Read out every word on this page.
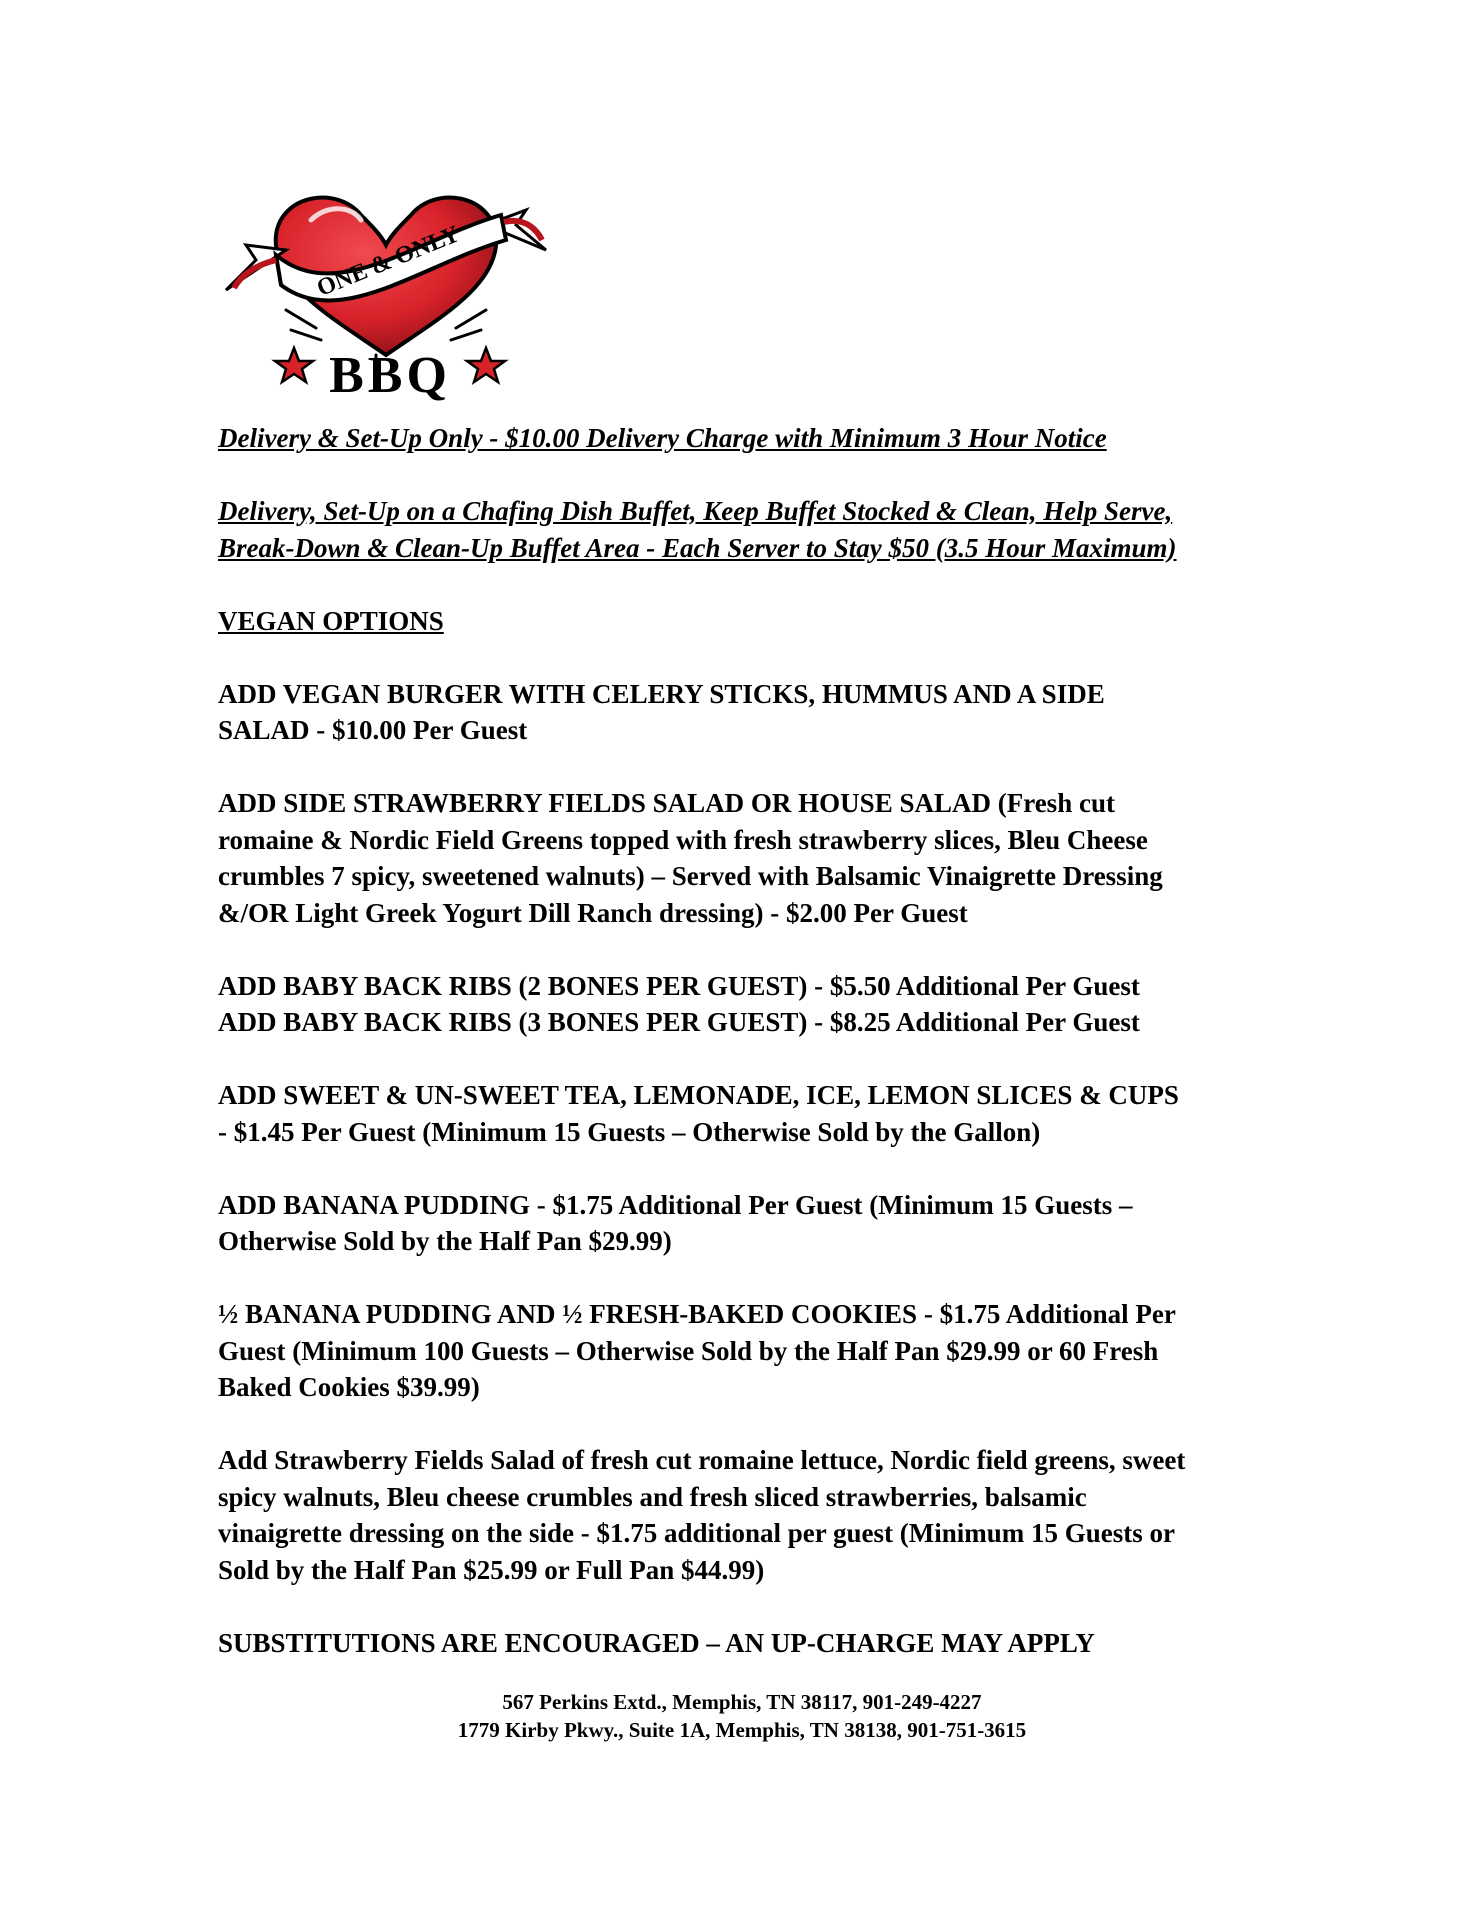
ONE & ONLY
BBQ

Delivery & Set-Up Only - $10.00 Delivery Charge with Minimum 3 Hour Notice

Delivery, Set-Up on a Chafing Dish Buffet, Keep Buffet Stocked & Clean, Help Serve,
Break-Down & Clean-Up Buffet Area - Each Server to Stay $50 (3.5 Hour Maximum)

VEGAN OPTIONS

ADD VEGAN BURGER WITH CELERY STICKS, HUMMUS AND A SIDE
SALAD - $10.00 Per Guest

ADD SIDE STRAWBERRY FIELDS SALAD OR HOUSE SALAD (Fresh cut
romaine & Nordic Field Greens topped with fresh strawberry slices, Bleu Cheese
crumbles 7 spicy, sweetened walnuts) – Served with Balsamic Vinaigrette Dressing
&/OR Light Greek Yogurt Dill Ranch dressing) - $2.00 Per Guest

ADD BABY BACK RIBS (2 BONES PER GUEST) - $5.50 Additional Per Guest
ADD BABY BACK RIBS (3 BONES PER GUEST) - $8.25 Additional Per Guest

ADD SWEET & UN-SWEET TEA, LEMONADE, ICE, LEMON SLICES & CUPS
- $1.45 Per Guest (Minimum 15 Guests – Otherwise Sold by the Gallon)

ADD BANANA PUDDING - $1.75 Additional Per Guest (Minimum 15 Guests –
Otherwise Sold by the Half Pan $29.99)

½ BANANA PUDDING AND ½ FRESH-BAKED COOKIES - $1.75 Additional Per
Guest (Minimum 100 Guests – Otherwise Sold by the Half Pan $29.99 or 60 Fresh
Baked Cookies $39.99)

Add Strawberry Fields Salad of fresh cut romaine lettuce, Nordic field greens, sweet
spicy walnuts, Bleu cheese crumbles and fresh sliced strawberries, balsamic
vinaigrette dressing on the side - $1.75 additional per guest (Minimum 15 Guests or
Sold by the Half Pan $25.99 or Full Pan $44.99)

SUBSTITUTIONS ARE ENCOURAGED – AN UP-CHARGE MAY APPLY

567 Perkins Extd., Memphis, TN 38117, 901-249-4227
1779 Kirby Pkwy., Suite 1A, Memphis, TN 38138, 901-751-3615
